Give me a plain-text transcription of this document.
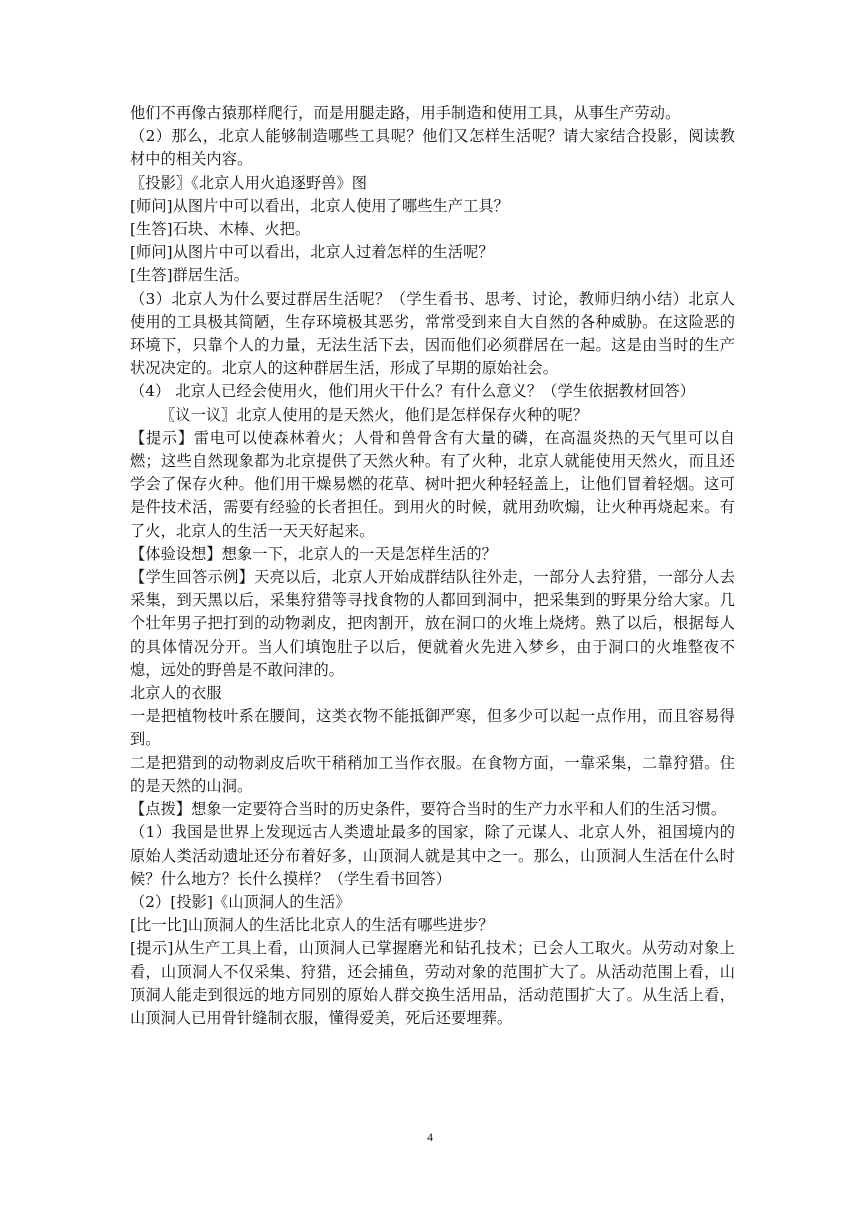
他们不再像古猿那样爬行，而是用腿走路，用手制造和使用工具，从事生产劳动。

（2）那么，北京人能够制造哪些工具呢？他们又怎样生活呢？请大家结合投影，阅读教材中的相关内容。

〖投影〗《北京人用火追逐野兽》图

[师问]从图片中可以看出，北京人使用了哪些生产工具？

[生答]石块、木棒、火把。

[师问]从图片中可以看出，北京人过着怎样的生活呢？

[生答]群居生活。

（3）北京人为什么要过群居生活呢？（学生看书、思考、讨论，教师归纳小结）北京人使用的工具极其简陋，生存环境极其恶劣，常常受到来自大自然的各种威胁。在这险恶的环境下，只靠个人的力量，无法生活下去，因而他们必须群居在一起。这是由当时的生产状况决定的。北京人的这种群居生活，形成了早期的原始社会。

（4） 北京人已经会使用火，他们用火干什么？有什么意义？（学生依据教材回答）

〖议一议〗北京人使用的是天然火，他们是怎样保存火种的呢？

【提示】雷电可以使森林着火；人骨和兽骨含有大量的磷，在高温炎热的天气里可以自燃；这些自然现象都为北京提供了天然火种。有了火种，北京人就能使用天然火，而且还学会了保存火种。他们用干燥易燃的花草、树叶把火种轻轻盖上，让他们冒着轻烟。这可是件技术活，需要有经验的长者担任。到用火的时候，就用劲吹煽，让火种再烧起来。有了火，北京人的生活一天天好起来。

【体验设想】想象一下，北京人的一天是怎样生活的？

【学生回答示例】天亮以后，北京人开始成群结队往外走，一部分人去狩猎，一部分人去采集，到天黑以后，采集狩猎等寻找食物的人都回到洞中，把采集到的野果分给大家。几个壮年男子把打到的动物剥皮，把肉割开，放在洞口的火堆上烧烤。熟了以后，根据每人的具体情况分开。当人们填饱肚子以后，便就着火先进入梦乡，由于洞口的火堆整夜不熄，远处的野兽是不敢问津的。

北京人的衣服

一是把植物枝叶系在腰间，这类衣物不能抵御严寒，但多少可以起一点作用，而且容易得到。

二是把猎到的动物剥皮后吹干稍稍加工当作衣服。在食物方面，一靠采集，二靠狩猎。住的是天然的山洞。

【点拨】想象一定要符合当时的历史条件，要符合当时的生产力水平和人们的生活习惯。

（1）我国是世界上发现远古人类遗址最多的国家，除了元谋人、北京人外，祖国境内的原始人类活动遗址还分布着好多，山顶洞人就是其中之一。那么，山顶洞人生活在什么时候？什么地方？长什么摸样？（学生看书回答）

（2）[投影]《山顶洞人的生活》

[比一比]山顶洞人的生活比北京人的生活有哪些进步？

[提示]从生产工具上看，山顶洞人已掌握磨光和钻孔技术；已会人工取火。从劳动对象上看，山顶洞人不仅采集、狩猎，还会捕鱼，劳动对象的范围扩大了。从活动范围上看，山顶洞人能走到很远的地方同别的原始人群交换生活用品，活动范围扩大了。从生活上看，山顶洞人已用骨针缝制衣服，懂得爱美，死后还要埋葬。

4
